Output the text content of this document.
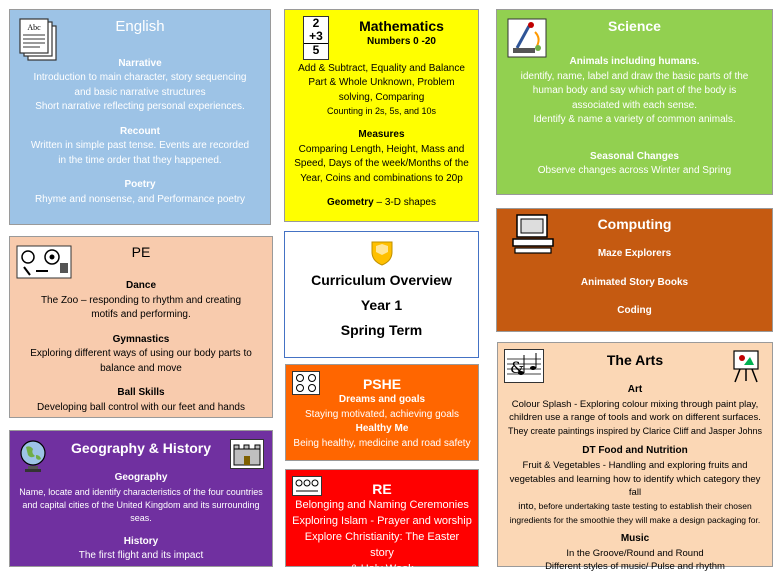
Abc	English

Narrative

Introduction to main character, story sequencing

and basic narrative structures

Short narrative reflecting personal experiences.

Recount

Written in simple past tense. Events are recorded

in the time order that they happened.

Poetry

Rhyme and nonsense, and Performance poetry

2
+3
5
Mathematics

Numbers 0 -20

Add & Subtract, Equality and Balance

Part & Whole Unknown, Problem

solving, Comparing

Counting in 2s, 5s, and 10s

Measures

Comparing Length, Height, Mass and

Speed, Days of the week/Months of the

Year, Coins and combinations to 20p

Geometry – 3-D shapes

Science

Animals including humans.

identify, name, label and draw the basic parts of the

human body and say which part of the body is

associated with each sense.

Identify & name a variety of common animals.

Seasonal Changes

Observe changes across Winter and Spring

PE

Dance

The Zoo – responding to rhythm and creating

motifs and performing.

Gymnastics

Exploring different ways of using our body parts to

balance and move

Ball Skills

Developing ball control with our feet and hands

Curriculum Overview

Year 1

Spring Term

Computing

Maze Explorers

Animated Story Books

Coding

PSHE

Dreams and goals

Staying motivated, achieving goals

Healthy Me

Being healthy, medicine and road safety

&	The Arts

Art

Colour Splash - Exploring colour mixing through paint play,

children use a range of tools and work on different surfaces.

They create paintings inspired by Clarice Cliff and Jasper Johns

DT Food and Nutrition

Fruit & Vegetables - Handling and exploring fruits and

vegetables and learning how to identify which category they fall

into, before undertaking taste testing to establish their chosen

ingredients for the smoothie they will make a design packaging for.

Music

In the Groove/Round and Round

Different styles of music/ Pulse and rhythm

Geography & History

Geography

Name, locate and identify characteristics of the four countries

and capital cities of the United Kingdom and its surrounding

seas.

History

The first flight and its impact

RE

Belonging and Naming Ceremonies

Exploring Islam - Prayer and worship

Explore Christianity: The Easter story

& Holy Week
